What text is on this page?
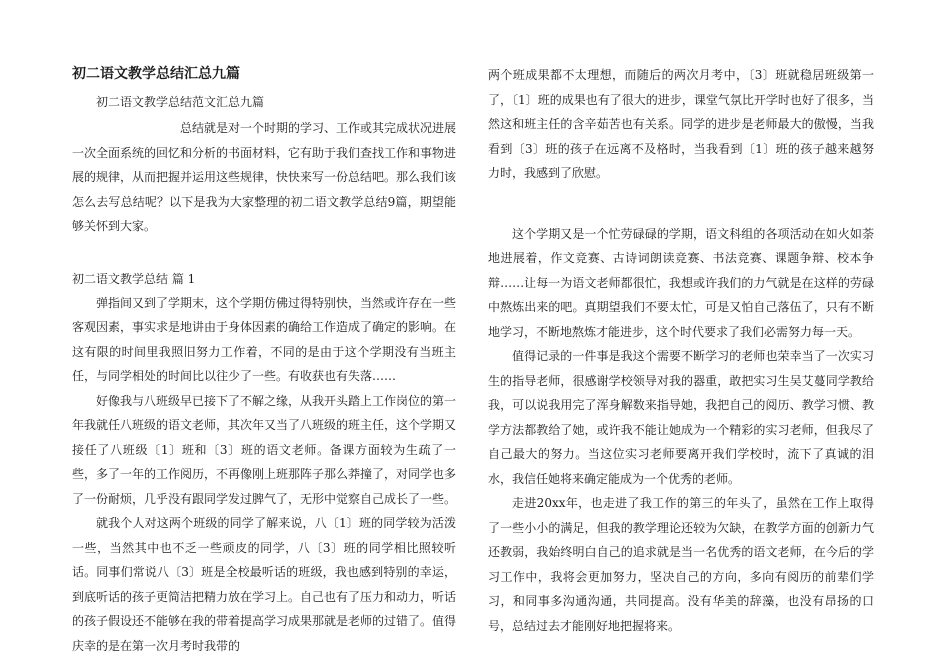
初二语文教学总结汇总九篇
初二语文教学总结范文汇总九篇

总结就是对一个时期的学习、工作或其完成状况进展一次全面系统的回忆和分析的书面材料，它有助于我们查找工作和事物进展的规律，从而把握并运用这些规律，快快来写一份总结吧。那么我们该怎么去写总结呢？以下是我为大家整理的初二语文教学总结9篇，期望能够关怀到大家。

初二语文教学总结 篇 1

弹指间又到了学期末，这个学期仿佛过得特别快，当然或许存在一些客观因素，事实求是地讲由于身体因素的确给工作造成了确定的影响。在这有限的时间里我照旧努力工作着，不同的是由于这个学期没有当班主任，与同学相处的时间比以往少了一些。有收获也有失落……

好像我与八班级早已接下了不解之缘，从我开头踏上工作岗位的第一年我就任八班级的语文老师，其次年又当了八班级的班主任，这个学期又接任了八班级〔1〕班和〔3〕班的语文老师。备课方面较为生疏了一些，多了一年的工作阅历，不再像刚上班那阵子那么莽撞了，对同学也多了一份耐烦，几乎没有跟同学发过脾气了，无形中觉察自己成长了一些。

就我个人对这两个班级的同学了解来说，八〔1〕班的同学较为活泼一些，当然其中也不乏一些顽皮的同学，八〔3〕班的同学相比照较听话。同事们常说八〔3〕班是全校最听话的班级，我也感到特别的幸运，到底听话的孩子更简洁把精力放在学习上。自己也有了压力和动力，听话的孩子假设还不能够在我的带着提高学习成果那就是老师的过错了。值得庆幸的是在第一次月考时我带的

两个班成果都不太理想，而随后的两次月考中，〔3〕班就稳居班级第一了，〔1〕班的成果也有了很大的进步，课堂气氛比开学时也好了很多，当然这和班主任的含辛茹苦也有关系。同学的进步是老师最大的傲慢，当我看到〔3〕班的孩子在远离不及格时，当我看到〔1〕班的孩子越来越努力时，我感到了欣慰。

这个学期又是一个忙劳碌碌的学期，语文科组的各项活动在如火如荼地进展着，作文竞赛、古诗词朗读竞赛、书法竞赛、课题争辩、校本争辩……让每一为语文老师都很忙，我想或许我们的力气就是在这样的劳碌中熬炼出来的吧。真期望我们不要太忙，可是又怕自己落伍了，只有不断地学习，不断地熬炼才能进步，这个时代要求了我们必需努力每一天。

值得记录的一件事是我这个需要不断学习的老师也荣幸当了一次实习生的指导老师，很感谢学校领导对我的器重，敢把实习生吴艾蔓同学教给我，可以说我用完了浑身解数来指导她，我把自己的阅历、教学习惯、教学方法都教给了她，或许我不能让她成为一个精彩的实习老师，但我尽了自己最大的努力。当这位实习老师要离开我们学校时，流下了真诚的泪水，我信任她将来确定能成为一个优秀的老师。

走进20xx年，也走进了我工作的第三的年头了，虽然在工作上取得了一些小小的满足，但我的教学理论还较为欠缺，在教学方面的创新力气还教弱，我始终明白自己的追求就是当一名优秀的语文老师，在今后的学习工作中，我将会更加努力，坚决自己的方向，多向有阅历的前辈们学习，和同事多沟通沟通，共同提高。没有华美的辞藻，也没有昂扬的口号，总结过去才能刚好地把握将来。
